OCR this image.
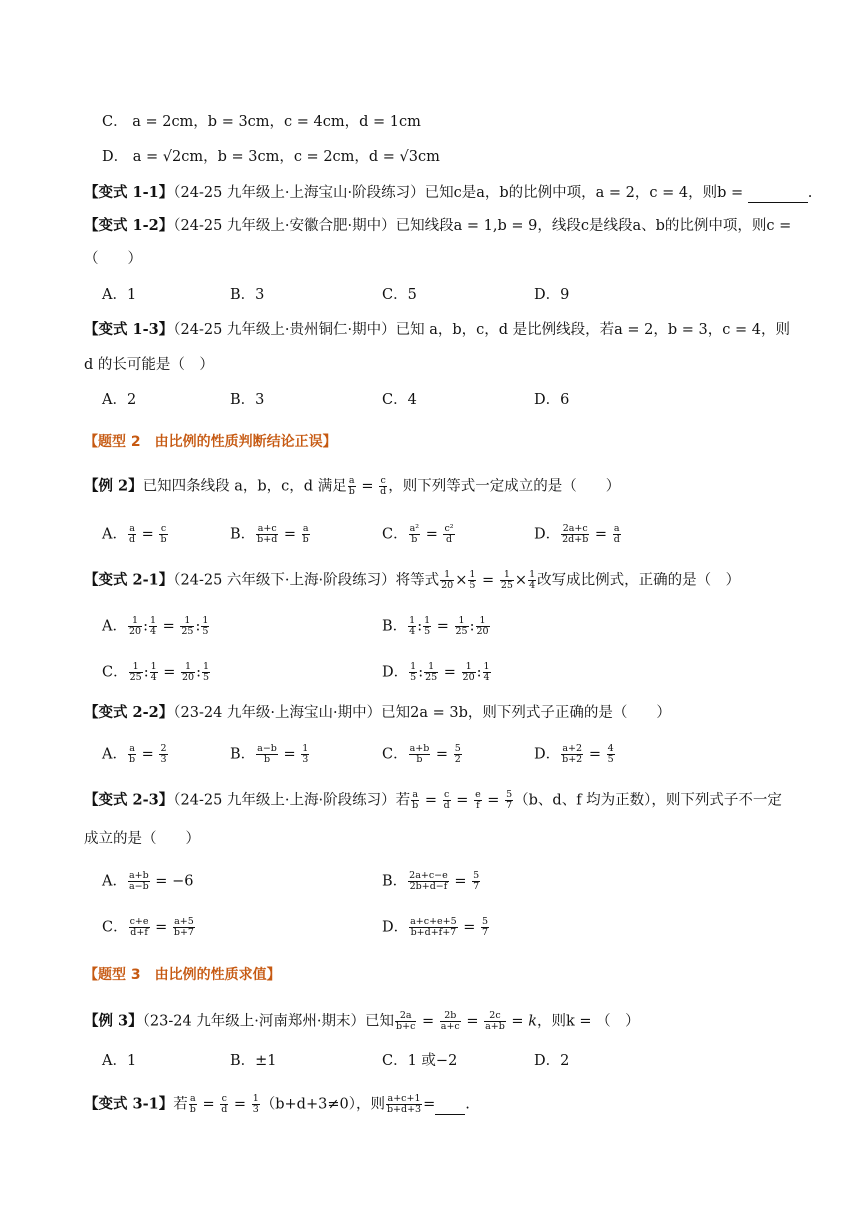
C． a = 2cm，b = 3cm，c = 4cm，d = 1cm
D． a = √2cm，b = 3cm，c = 2cm，d = √3cm
【变式 1-1】（24-25 九年级上·上海宝山·阶段练习）已知c是a，b的比例中项，a = 2，c = 4，则b =	.
【变式 1-2】（24-25 九年级上·安徽合肥·期中）已知线段a = 1,b = 9，线段c是线段a、b的比例中项，则c =
（　　）
A．1	B．3	C．5	D．9
【变式 1-3】（24-25 九年级上·贵州铜仁·期中）已知 a，b，c，d 是比例线段，若a = 2，b = 3，c = 4，则
d 的长可能是（　）
A．2	B．3	C．4	D．6
【题型 2　由比例的性质判断结论正误】
【例 2】已知四条线段 a，b，c，d 满足 $\frac{a}{b} = \frac{c}{d}$ ，则下列等式一定成立的是（　　）
A． $\frac{a}{d} = \frac{c}{b}$	B． $\frac{a+c}{b+d} = \frac{a}{b}$	C． $\frac{\text{a²}}{b} = \frac{\text{c²}}{d}$	D． $\frac{2a+c}{2d+b} = \frac{a}{d}$
【变式 2-1】（24-25 六年级下·上海·阶段练习）将等式 $\frac{1}{20} \times \frac{1}{5} = \frac{1}{25} \times \frac{1}{4}$ 改写成比例式，正确的是（　）
A． $\frac{1}{20}$ : $\frac{1}{4} = \frac{1}{25}$ : $\frac{1}{5}$	B． $\frac{1}{4}$ : $\frac{1}{5} = \frac{1}{25}$ : $\frac{1}{20}$
C． $\frac{1}{25}$ : $\frac{1}{4} = \frac{1}{20}$ : $\frac{1}{5}$	D． $\frac{1}{5}$ : $\frac{1}{25} = \frac{1}{20}$ : $\frac{1}{4}$
【变式 2-2】（23-24 九年级·上海宝山·期中）已知2a = 3b，则下列式子正确的是（　　）
A． $\frac{a}{b} = \frac{2}{3}$	B． $\frac{a-b}{b} = \frac{1}{3}$	C． $\frac{a+b}{b} = \frac{5}{2}$	D． $\frac{a+2}{b+2} = \frac{4}{5}$
【变式 2-3】（24-25 九年级上·上海·阶段练习）若 $\frac{a}{b} = \frac{c}{d} = \frac{e}{f} = \frac{5}{7} (b$、d、f 均为正数），则下列式子不一定
成立的是（　　）
A． $\frac{a+b}{a-b} = -6$	B． $\frac{2a+c-e}{2b+d-f} = \frac{5}{7}$
C． $\frac{c+e}{d+f} = \frac{a+5}{b+7}$	D． $\frac{a+c+e+5}{b+d+f+7} = \frac{5}{7}$
【题型 3　由比例的性质求值】
【例 3】（23-24 九年级上·河南郑州·期末）已知 $\frac{2a}{b+c} = \frac{2b}{a+c} = \frac{2c}{a+b} = k$，则k = （　）
A．1	B．±1	C．1 或−2	D．2
【变式 3-1】若 $\frac{a}{b} = \frac{c}{d} = \frac{1}{3} (b+d+3\ne 0)$，则 $\frac{a+c+1}{b+d+3}$ = .
